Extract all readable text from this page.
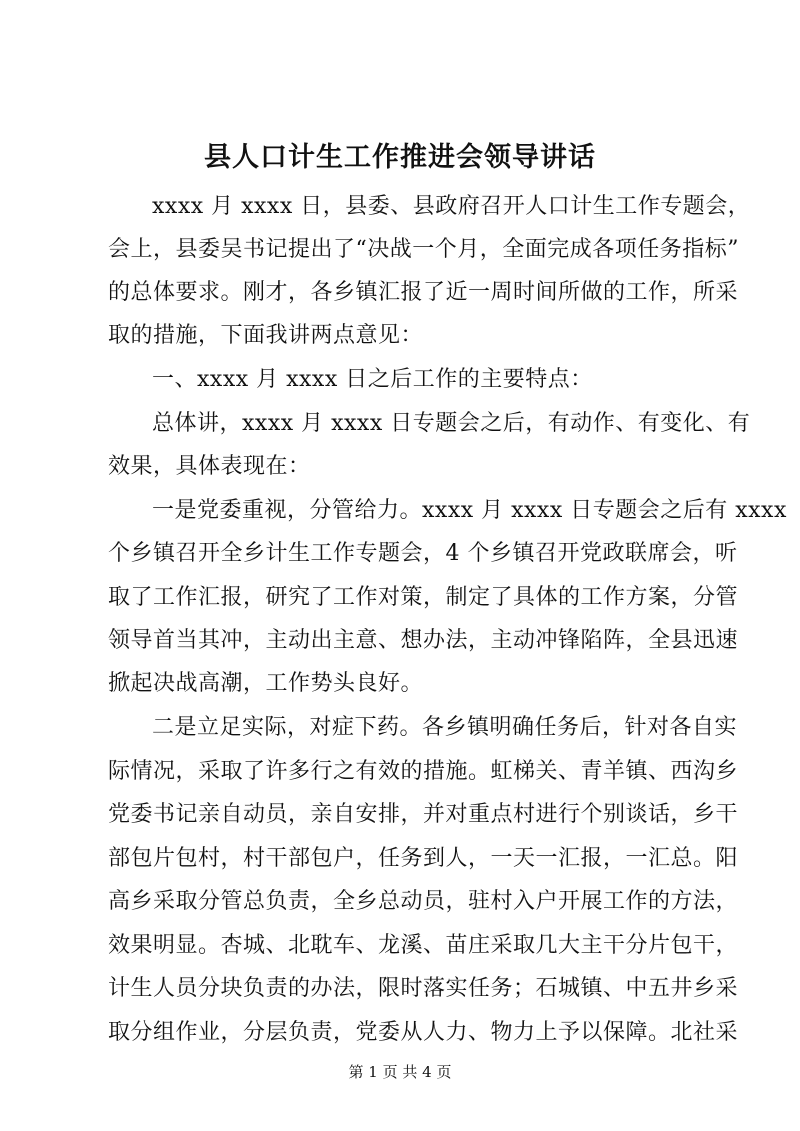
县人口计生工作推进会领导讲话

xxxx 月 xxxx 日，县委、县政府召开人口计生工作专题会，

会上，县委吴书记提出了“决战一个月，全面完成各项任务指标”

的总体要求。刚才，各乡镇汇报了近一周时间所做的工作，所采

取的措施，下面我讲两点意见：

一、xxxx 月 xxxx 日之后工作的主要特点：

总体讲，xxxx 月 xxxx 日专题会之后，有动作、有变化、有

效果，具体表现在：

一是党委重视，分管给力。xxxx 月 xxxx 日专题会之后有 xxxx

个乡镇召开全乡计生工作专题会，4 个乡镇召开党政联席会，听

取了工作汇报，研究了工作对策，制定了具体的工作方案，分管

领导首当其冲，主动出主意、想办法，主动冲锋陷阵，全县迅速

掀起决战高潮，工作势头良好。

二是立足实际，对症下药。各乡镇明确任务后，针对各自实

际情况，采取了许多行之有效的措施。虹梯关、青羊镇、西沟乡

党委书记亲自动员，亲自安排，并对重点村进行个别谈话，乡干

部包片包村，村干部包户，任务到人，一天一汇报，一汇总。阳

高乡采取分管总负责，全乡总动员，驻村入户开展工作的方法，

效果明显。杏城、北耽车、龙溪、苗庄采取几大主干分片包干，

计生人员分块负责的办法，限时落实任务；石城镇、中五井乡采

取分组作业，分层负责，党委从人力、物力上予以保障。北社采

第 1 页 共 4 页
